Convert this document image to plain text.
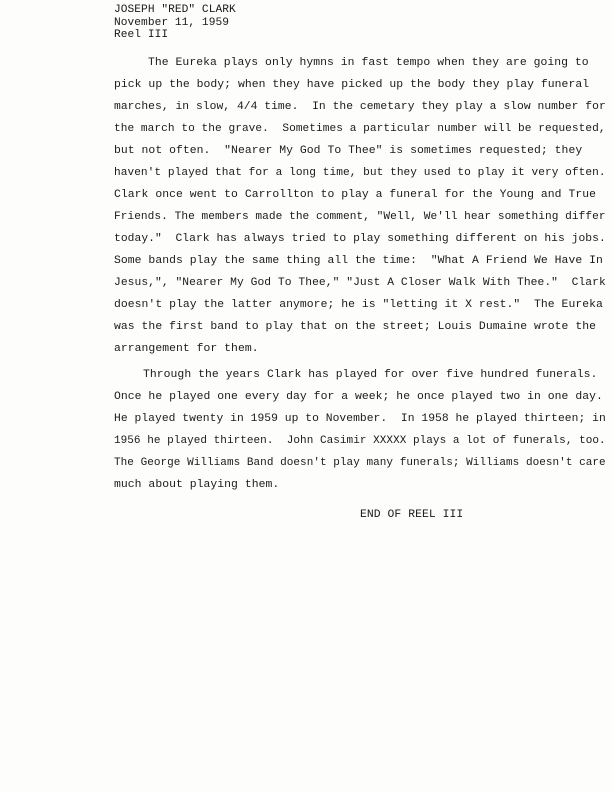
JOSEPH "RED" CLARK
November 11, 1959
Reel III
The Eureka plays only hymns in fast tempo when they are going to
pick up the body; when they have picked up the body they play funeral
marches, in slow, 4/4 time.  In the cemetary they play a slow number for
the march to the grave.  Sometimes a particular number will be requested,
but not often.  "Nearer My God To Thee" is sometimes requested; they
haven't played that for a long time, but they used to play it very often.
Clark once went to Carrollton to play a funeral for the Young and True
Friends. The members made the comment, "Well, We'll hear something differ
today."  Clark has always tried to play something different on his jobs.
Some bands play the same thing all the time:  "What A Friend We Have In
Jesus,", "Nearer My God To Thee," "Just A Closer Walk With Thee."  Clark
doesn't play the latter anymore; he is "letting it X rest."  The Eureka
was the first band to play that on the street; Louis Dumaine wrote the
arrangement for them.
Through the years Clark has played for over five hundred funerals.
Once he played one every day for a week; he once played two in one day.
He played twenty in 1959 up to November.  In 1958 he played thirteen; in
1956 he played thirteen.  John Casimir XXXXX plays a lot of funerals, too.
The George Williams Band doesn't play many funerals; Williams doesn't care
much about playing them.
END OF REEL III
